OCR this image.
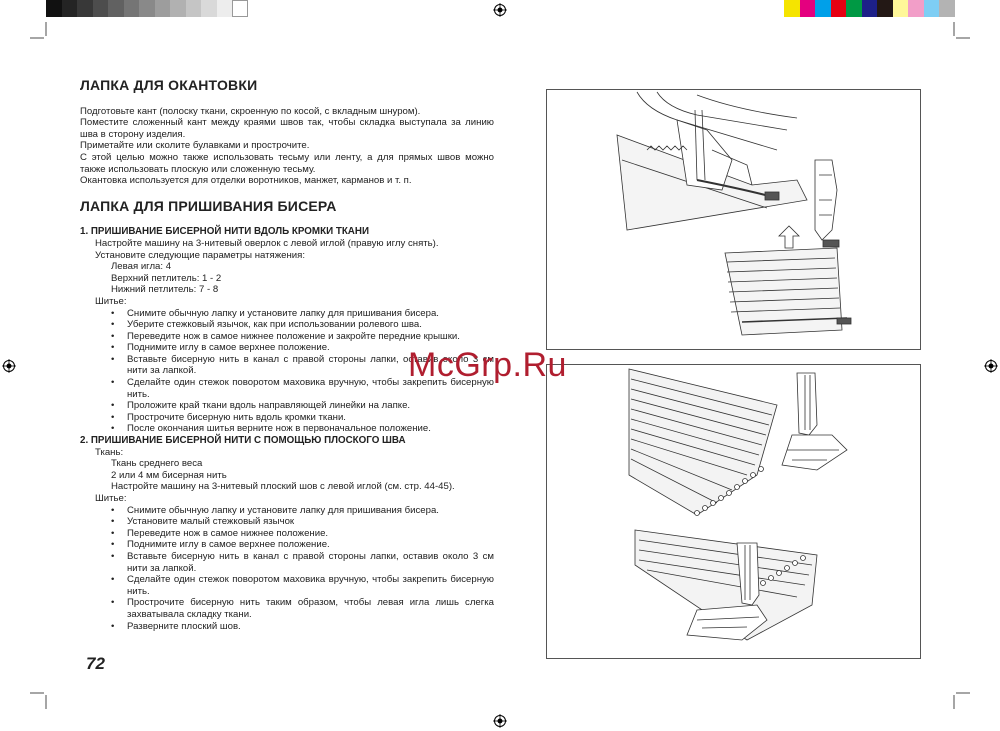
ЛАПКА ДЛЯ ОКАНТОВКИ
Подготовьте кант (полоску ткани, скроенную по косой, с вкладным шнуром).
Поместите сложенный кант между краями швов так, чтобы складка выступала за линию шва в сторону изделия.
Приметайте или сколите булавками и прострочите.
С этой целью можно также использовать тесьму или ленту, а для прямых швов можно также использовать плоскую или сложенную тесьму.
Окантовка используется для отделки воротников, манжет, карманов и т. п.
ЛАПКА ДЛЯ ПРИШИВАНИЯ БИСЕРА
1. ПРИШИВАНИЕ БИСЕРНОЙ НИТИ ВДОЛЬ КРОМКИ ТКАНИ
Настройте машину на 3-нитевый оверлок с левой иглой (правую иглу снять).
Установите следующие параметры натяжения:
Левая игла: 4
Верхний петлитель: 1 - 2
Нижний петлитель: 7 - 8
Шитье:
• Снимите обычную лапку и установите лапку для пришивания бисера.
• Уберите стежковый язычок, как при использовании ролевого шва.
• Переведите нож в самое нижнее положение и закройте передние крышки.
• Поднимите иглу в самое верхнее положение.
• Вставьте бисерную нить в канал с правой стороны лапки, оставив около 3 см нити за лапкой.
• Сделайте один стежок поворотом маховика вручную, чтобы закрепить бисерную нить.
• Проложите край ткани вдоль направляющей линейки на лапке.
• Прострочите бисерную нить вдоль кромки ткани.
• После окончания шитья верните нож в первоначальное положение.
2. ПРИШИВАНИЕ БИСЕРНОЙ НИТИ С ПОМОЩЬЮ ПЛОСКОГО ШВА
Ткань:
Ткань среднего веса
2 или 4 мм бисерная нить
Настройте машину на 3-нитевый плоский шов с левой иглой (см. стр. 44-45).
Шитье:
• Снимите обычную лапку и установите лапку для пришивания бисера.
• Установите малый стежковый язычок
• Переведите нож в самое нижнее положение.
• Поднимите иглу в самое верхнее положение.
• Вставьте бисерную нить в канал с правой стороны лапки, оставив около 3 см нити за лапкой.
• Сделайте один стежок поворотом маховика вручную, чтобы закрепить бисерную нить.
• Прострочите бисерную нить таким образом, чтобы левая игла лишь слегка захватывала складку ткани.
• Разверните плоский шов.
72
McGrp.Ru
